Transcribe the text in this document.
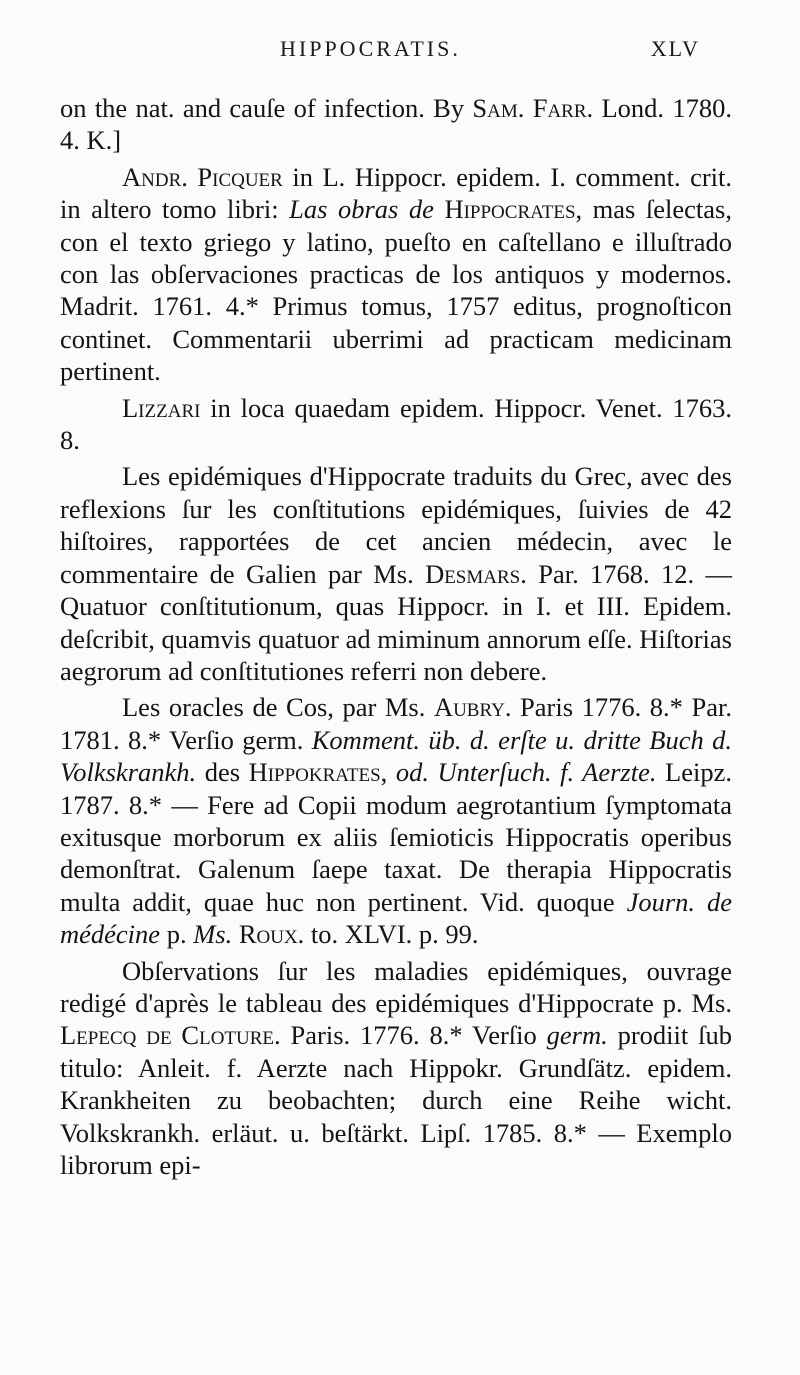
HIPPOCRATIS.	XLV

on the nat. and cauſe of infection. By Sam. Farr. Lond. 1780. 4. K.]

Andr. Picquer in L. Hippocr. epidem. I. comment. crit. in altero tomo libri: Las obras de Hippocrates, mas ſelectas, con el texto griego y latino, pueſto en caſtellano e illuſtrado con las obſervaciones practicas de los antiquos y modernos. Madrit. 1761. 4.* Primus tomus, 1757 editus, prognoſticon continet. Commentarii uberrimi ad practicam medicinam pertinent.

Lizzari in loca quaedam epidem. Hippocr. Venet. 1763. 8.

Les epidémiques d'Hippocrate traduits du Grec, avec des reflexions ſur les conſtitutions epidémiques, ſuivies de 42 hiſtoires, rapportées de cet ancien médecin, avec le commentaire de Galien par Ms. Desmars. Par. 1768. 12. — Quatuor conſtitutionum, quas Hippocr. in I. et III. Epidem. deſcribit, quamvis quatuor ad miminum annorum eſſe. Hiſtorias aegrorum ad conſtitutiones referri non debere.

Les oracles de Cos, par Ms. Aubry. Paris 1776. 8.* Par. 1781. 8.* Verſio germ. Komment. üb. d. erſte u. dritte Buch d. Volkskrankh. des Hippokrates, od. Unterſuch. f. Aerzte. Leipz. 1787. 8.* — Fere ad Copii modum aegrotantium ſymptomata exitusque morborum ex aliis ſemioticis Hippocratis operibus demonſtrat. Galenum ſaepe taxat. De therapia Hippocratis multa addit, quae huc non pertinent. Vid. quoque Journ. de médécine p. Ms. Roux. to. XLVI. p. 99.

Obſervations ſur les maladies epidémiques, ouvrage redigé d'après le tableau des epidémiques d'Hippocrate p. Ms. Lepecq de Cloture. Paris. 1776. 8.* Verſio germ. prodiit ſub titulo: Anleit. f. Aerzte nach Hippokr. Grundſätz. epidem. Krankheiten zu beobachten; durch eine Reihe wicht. Volkskrankh. erläut. u. beſtärkt. Lipſ. 1785. 8.* — Exemplo librorum epi-
